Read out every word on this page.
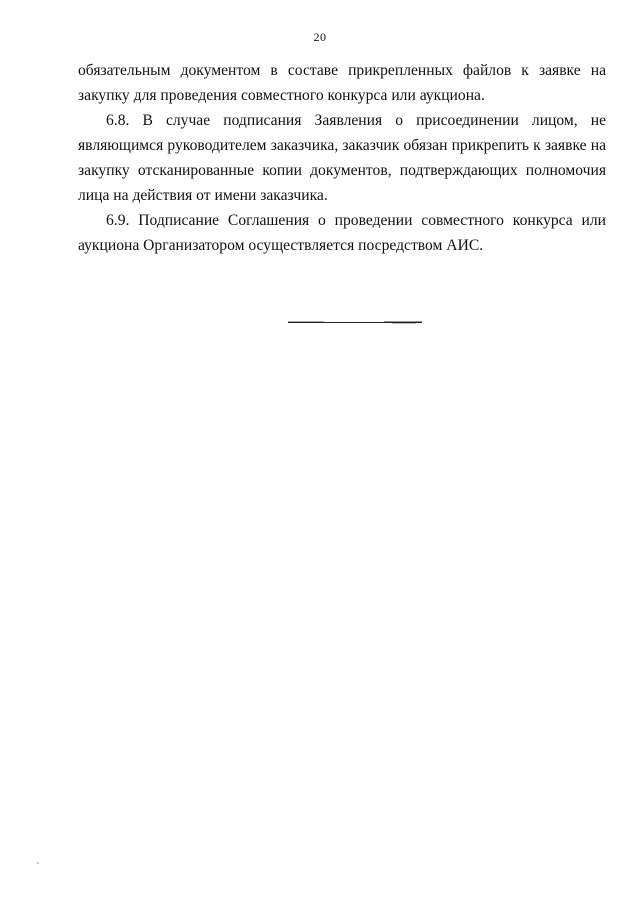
20

обязательным документом в составе прикрепленных файлов к заявке на закупку для проведения совместного конкурса или аукциона.

6.8. В случае подписания Заявления о присоединении лицом, не являющимся руководителем заказчика, заказчик обязан прикрепить к заявке на закупку отсканированные копии документов, подтверждающих полномочия лица на действия от имени заказчика.

6.9. Подписание Соглашения о проведении совместного конкурса или аукциона Организатором осуществляется посредством АИС.
